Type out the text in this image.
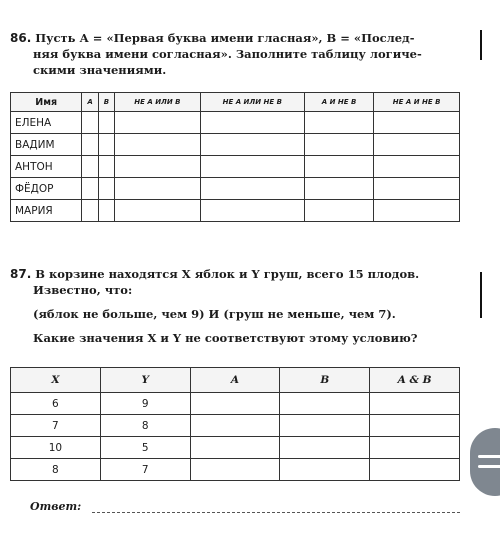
86. Пусть А = «Первая буква имени гласная», B = «Послед-
няя буква имени согласная». Заполните таблицу логиче-
скими значениями.
Имя	A	B	НЕ A ИЛИ B	НЕ A ИЛИ НЕ B	A И НЕ B	НЕ A И НЕ B
ЕЛЕНА						
ВАДИМ						
АНТОН						
ФЁДОР						
МАРИЯ						
87. В корзине находятся X яблок и Y груш, всего 15 плодов.
Известно, что:
(яблок не больше, чем 9) И (груш не меньше, чем 7).
Какие значения X и Y не соответствуют этому условию?
X	Y	A	B	A & B
6	9			
7	8			
10	5			
8	7			
Ответ:
